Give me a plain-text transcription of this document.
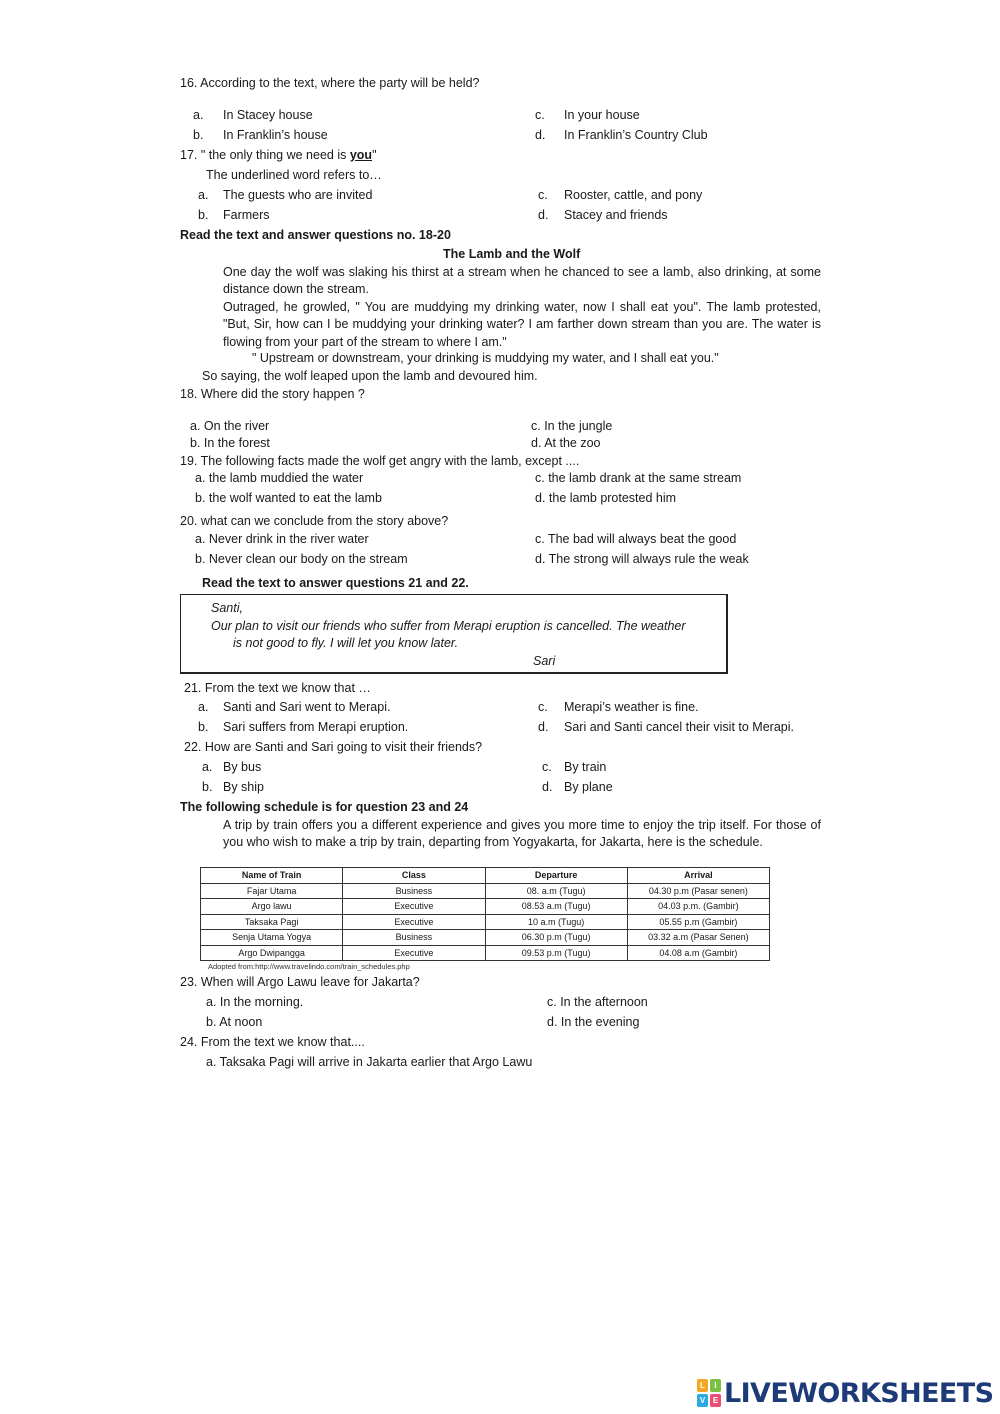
16. According to the text, where the party will be held?
a. In Stacey house
b. In Franklin’s house
c. In your house
d. In Franklin’s Country Club
17. " the only thing we need is you"
The underlined word refers to…
a. The guests who are invited
b. Farmers
c. Rooster, cattle, and pony
d. Stacey and friends
Read the text and answer questions no. 18-20
The Lamb and the Wolf
One day the wolf was slaking his thirst at a stream when he chanced to see a lamb, also drinking, at some distance down the stream.
Outraged, he growled, " You are muddying my drinking water, now I shall eat you". The lamb protested, "But, Sir, how can I be muddying your drinking water? I am farther down stream than you are. The water is flowing from your part of the stream to where I am."
" Upstream or downstream, your drinking is muddying my water, and I shall eat you."
So saying, the wolf leaped upon the lamb and devoured him.
18. Where did the story happen ?
a. On the river
b. In the forest
c. In the jungle
d. At the zoo
19. The following facts made the wolf get angry with the lamb, except ....
a. the lamb muddied the water
b. the wolf wanted to eat the lamb
c. the lamb drank at the same stream
d. the lamb protested him
20. what can we conclude from the story above?
a. Never drink in the river water
b. Never clean our body on the stream
c. The bad will always beat the good
d. The strong will always rule the weak
Read the text to answer questions 21 and 22.
Santi,
Our plan to visit our friends who suffer from Merapi eruption is cancelled. The weather
is not good to fly. I will let you know later.
Sari
21. From the text we know that …
a. Santi and Sari went to Merapi.
b. Sari suffers from Merapi eruption.
c. Merapi’s weather is fine.
d. Sari and Santi cancel their visit to Merapi.
22. How are Santi and Sari going to visit their friends?
a. By bus
b. By ship
c. By train
d. By plane
The following schedule is for question 23 and 24
A trip by train offers you a different experience and gives you more time to enjoy the trip itself. For those of you who wish to make a trip by train, departing from Yogyakarta, for Jakarta, here is the schedule.
Name of Train	Class	Departure	Arrival
Fajar Utama	Business	08. a.m (Tugu)	04.30 p.m (Pasar senen)
Argo lawu	Executive	08.53 a.m (Tugu)	04.03 p.m. (Gambir)
Taksaka Pagi	Executive	10 a.m (Tugu)	05.55 p.m (Gambir)
Senja Utama Yogya	Business	06.30 p.m (Tugu)	03.32 a.m (Pasar Senen)
Argo Dwipangga	Executive	09.53 p.m (Tugu)	04.08 a.m (Gambir)
Adopted from:http://www.travelindo.com/train_schedules.php
23. When will Argo Lawu leave for Jakarta?
a. In the morning.
b. At noon
c. In the afternoon
d. In the evening
24. From the text we know that....
a. Taksaka Pagi will arrive in Jakarta earlier that Argo Lawu
L	I
V E LIVEWORKSHEETS
